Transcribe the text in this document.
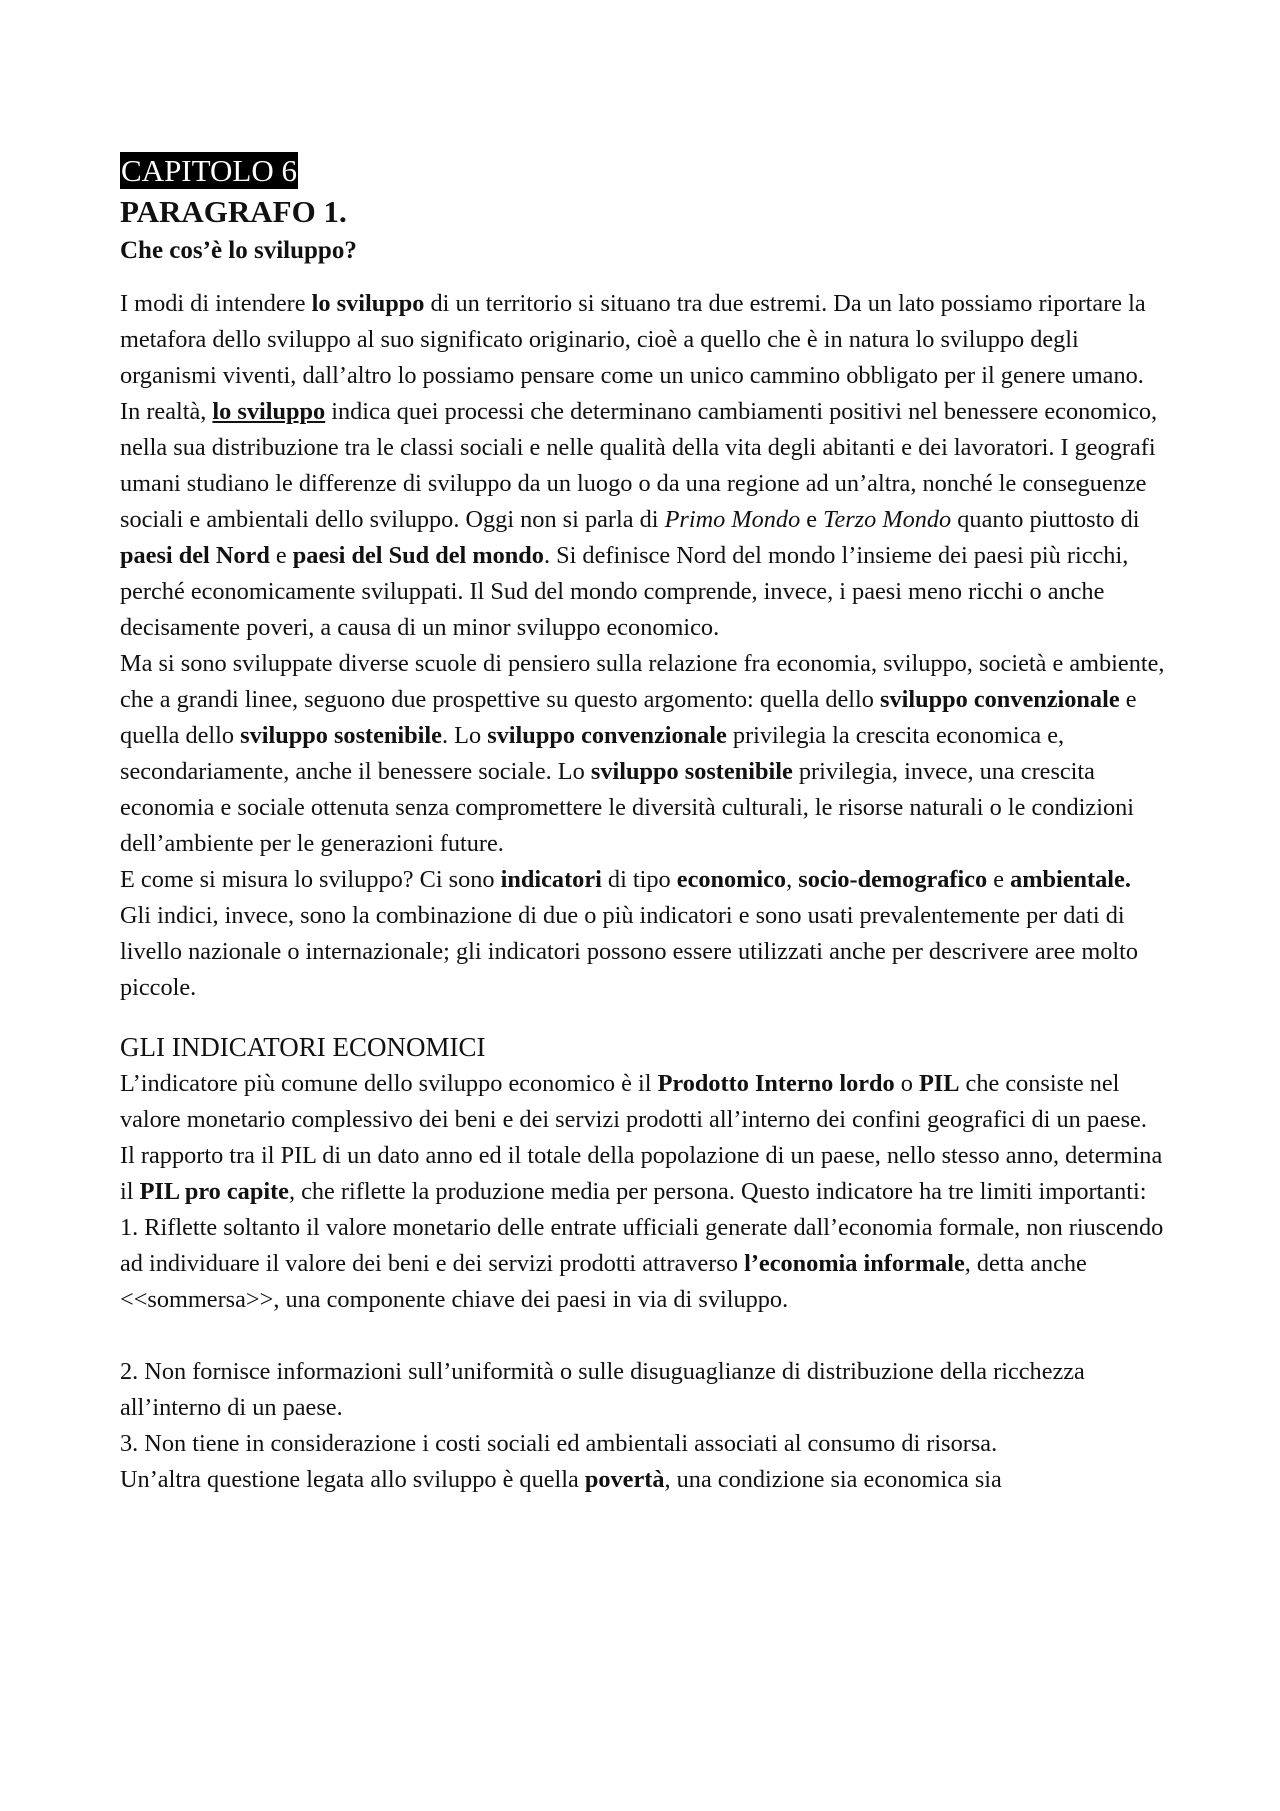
CAPITOLO 6
PARAGRAFO 1.
Che cos’è lo sviluppo?

I modi di intendere lo sviluppo di un territorio si situano tra due estremi. Da un lato possiamo riportare la metafora dello sviluppo al suo significato originario, cioè a quello che è in natura lo sviluppo degli organismi viventi, dall’altro lo possiamo pensare come un unico cammino obbligato per il genere umano. In realtà, lo sviluppo indica quei processi che determinano cambiamenti positivi nel benessere economico, nella sua distribuzione tra le classi sociali e nelle qualità della vita degli abitanti e dei lavoratori. I geografi umani studiano le differenze di sviluppo da un luogo o da una regione ad un’altra, nonché le conseguenze sociali e ambientali dello sviluppo. Oggi non si parla di Primo Mondo e Terzo Mondo quanto piuttosto di paesi del Nord e paesi del Sud del mondo. Si definisce Nord del mondo l’insieme dei paesi più ricchi, perché economicamente sviluppati. Il Sud del mondo comprende, invece, i paesi meno ricchi o anche decisamente poveri, a causa di un minor sviluppo economico.

Ma si sono sviluppate diverse scuole di pensiero sulla relazione fra economia, sviluppo, società e ambiente, che a grandi linee, seguono due prospettive su questo argomento: quella dello sviluppo convenzionale e quella dello sviluppo sostenibile. Lo sviluppo convenzionale privilegia la crescita economica e, secondariamente, anche il benessere sociale. Lo sviluppo sostenibile privilegia, invece, una crescita economia e sociale ottenuta senza compromettere le diversità culturali, le risorse naturali o le condizioni dell’ambiente per le generazioni future.

E come si misura lo sviluppo? Ci sono indicatori di tipo economico, socio-demografico e ambientale.

Gli indici, invece, sono la combinazione di due o più indicatori e sono usati prevalentemente per dati di livello nazionale o internazionale; gli indicatori possono essere utilizzati anche per descrivere aree molto piccole.

GLI INDICATORI ECONOMICI

L’indicatore più comune dello sviluppo economico è il Prodotto Interno lordo o PIL che consiste nel valore monetario complessivo dei beni e dei servizi prodotti all’interno dei confini geografici di un paese. Il rapporto tra il PIL di un dato anno ed il totale della popolazione di un paese, nello stesso anno, determina il PIL pro capite, che riflette la produzione media per persona. Questo indicatore ha tre limiti importanti:

1. Riflette soltanto il valore monetario delle entrate ufficiali generate dall’economia formale, non riuscendo ad individuare il valore dei beni e dei servizi prodotti attraverso l’economia informale, detta anche <<sommersa>>, una componente chiave dei paesi in via di sviluppo.

2. Non fornisce informazioni sull’uniformità o sulle disuguaglianze di distribuzione della ricchezza all’interno di un paese.

3. Non tiene in considerazione i costi sociali ed ambientali associati al consumo di risorsa.

Un’altra questione legata allo sviluppo è quella povertà, una condizione sia economica sia
